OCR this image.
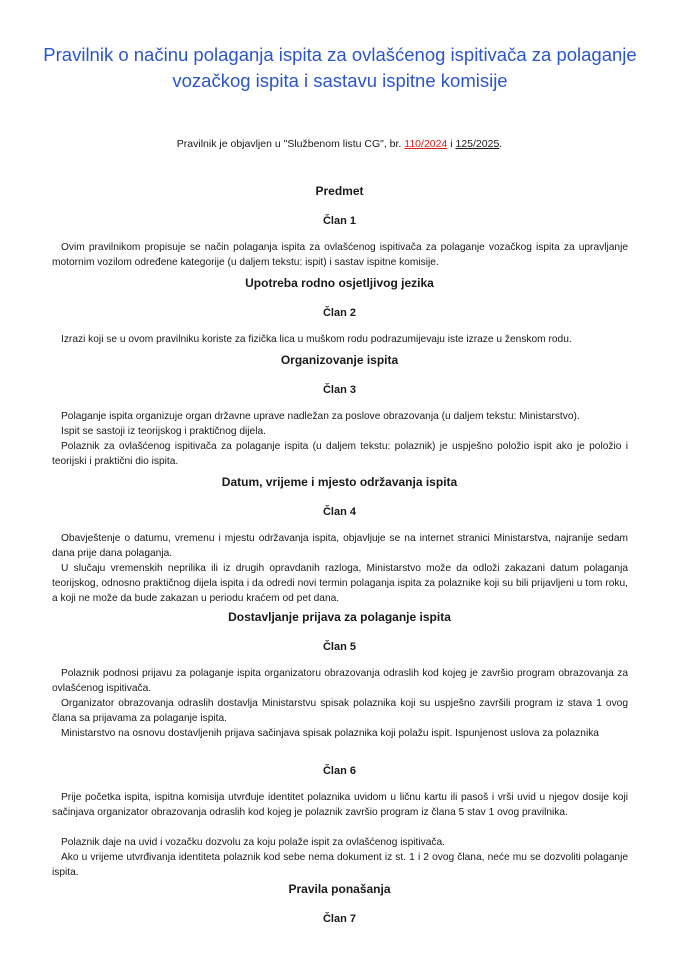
Pravilnik o načinu polaganja ispita za ovlašćenog ispitivača za polaganje vozačkog ispita i sastavu ispitne komisije
Pravilnik je objavljen u "Službenom listu CG", br. 110/2024 i 125/2025.
Predmet
Član 1
Ovim pravilnikom propisuje se način polaganja ispita za ovlašćenog ispitivača za polaganje vozačkog ispita za upravljanje motornim vozilom određene kategorije (u daljem tekstu: ispit) i sastav ispitne komisije.
Upotreba rodno osjetljivog jezika
Član 2
Izrazi koji se u ovom pravilniku koriste za fizička lica u muškom rodu podrazumijevaju iste izraze u ženskom rodu.
Organizovanje ispita
Član 3
Polaganje ispita organizuje organ državne uprave nadležan za poslove obrazovanja (u daljem tekstu: Ministarstvo).
Ispit se sastoji iz teorijskog i praktičnog dijela.
Polaznik za ovlašćenog ispitivača za polaganje ispita (u daljem tekstu: polaznik) je uspješno položio ispit ako je položio i teorijski i praktični dio ispita.
Datum, vrijeme i mjesto održavanja ispita
Član 4
Obavještenje o datumu, vremenu i mjestu održavanja ispita, objavljuje se na internet stranici Ministarstva, najranije sedam dana prije dana polaganja.
U slučaju vremenskih neprilika ili iz drugih opravdanih razloga, Ministarstvo može da odloži zakazani datum polaganja teorijskog, odnosno praktičnog dijela ispita i da odredi novi termin polaganja ispita za polaznike koji su bili prijavljeni u tom roku, a koji ne može da bude zakazan u periodu kraćem od pet dana.
Dostavljanje prijava za polaganje ispita
Član 5
Polaznik podnosi prijavu za polaganje ispita organizatoru obrazovanja odraslih kod kojeg je završio program obrazovanja za ovlašćenog ispitivača.
Organizator obrazovanja odraslih dostavlja Ministarstvu spisak polaznika koji su uspješno završili program iz stava 1 ovog člana sa prijavama za polaganje ispita.
Ministarstvo na osnovu dostavljenih prijava sačinjava spisak polaznika koji polažu ispit. Ispunjenost uslova za polaznika
Član 6
Prije početka ispita, ispitna komisija utvrđuje identitet polaznika uvidom u ličnu kartu ili pasoš i vrši uvid u njegov dosije koji sačinjava organizator obrazovanja odraslih kod kojeg je polaznik završio program iz člana 5 stav 1 ovog pravilnika.
Polaznik daje na uvid i vozačku dozvolu za koju polaže ispit za ovlašćenog ispitivača.
Ako u vrijeme utvrđivanja identiteta polaznik kod sebe nema dokument iz st. 1 i 2 ovog člana, neće mu se dozvoliti polaganje ispita.
Pravila ponašanja
Član 7
